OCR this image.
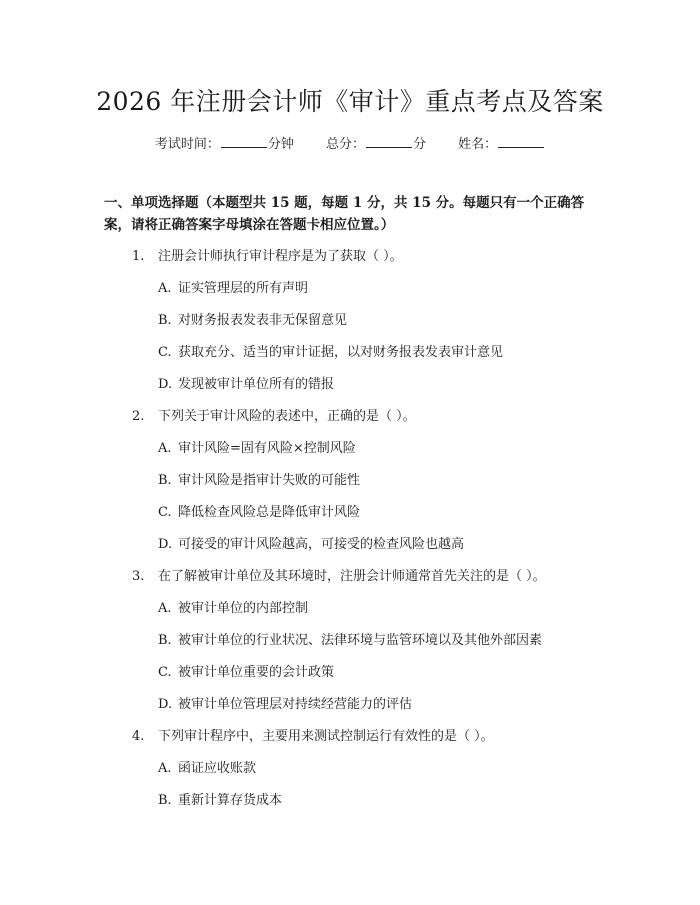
2026 年注册会计师《审计》重点考点及答案
考试时间：	分钟 总分：	分 姓名：
一、单项选择题（本题型共 15 题，每题 1 分，共 15 分。每题只有一个正确答案，请将正确答案字母填涂在答题卡相应位置。）
1. 注册会计师执行审计程序是为了获取（ ）。
A. 证实管理层的所有声明
B. 对财务报表发表非无保留意见
C. 获取充分、适当的审计证据，以对财务报表发表审计意见
D. 发现被审计单位所有的错报
2. 下列关于审计风险的表述中，正确的是（ ）。
A. 审计风险=固有风险×控制风险
B. 审计风险是指审计失败的可能性
C. 降低检查风险总是降低审计风险
D. 可接受的审计风险越高，可接受的检查风险也越高
3. 在了解被审计单位及其环境时，注册会计师通常首先关注的是（ ）。
A. 被审计单位的内部控制
B. 被审计单位的行业状况、法律环境与监管环境以及其他外部因素
C. 被审计单位重要的会计政策
D. 被审计单位管理层对持续经营能力的评估
4. 下列审计程序中，主要用来测试控制运行有效性的是（ ）。
A. 函证应收账款
B. 重新计算存货成本
